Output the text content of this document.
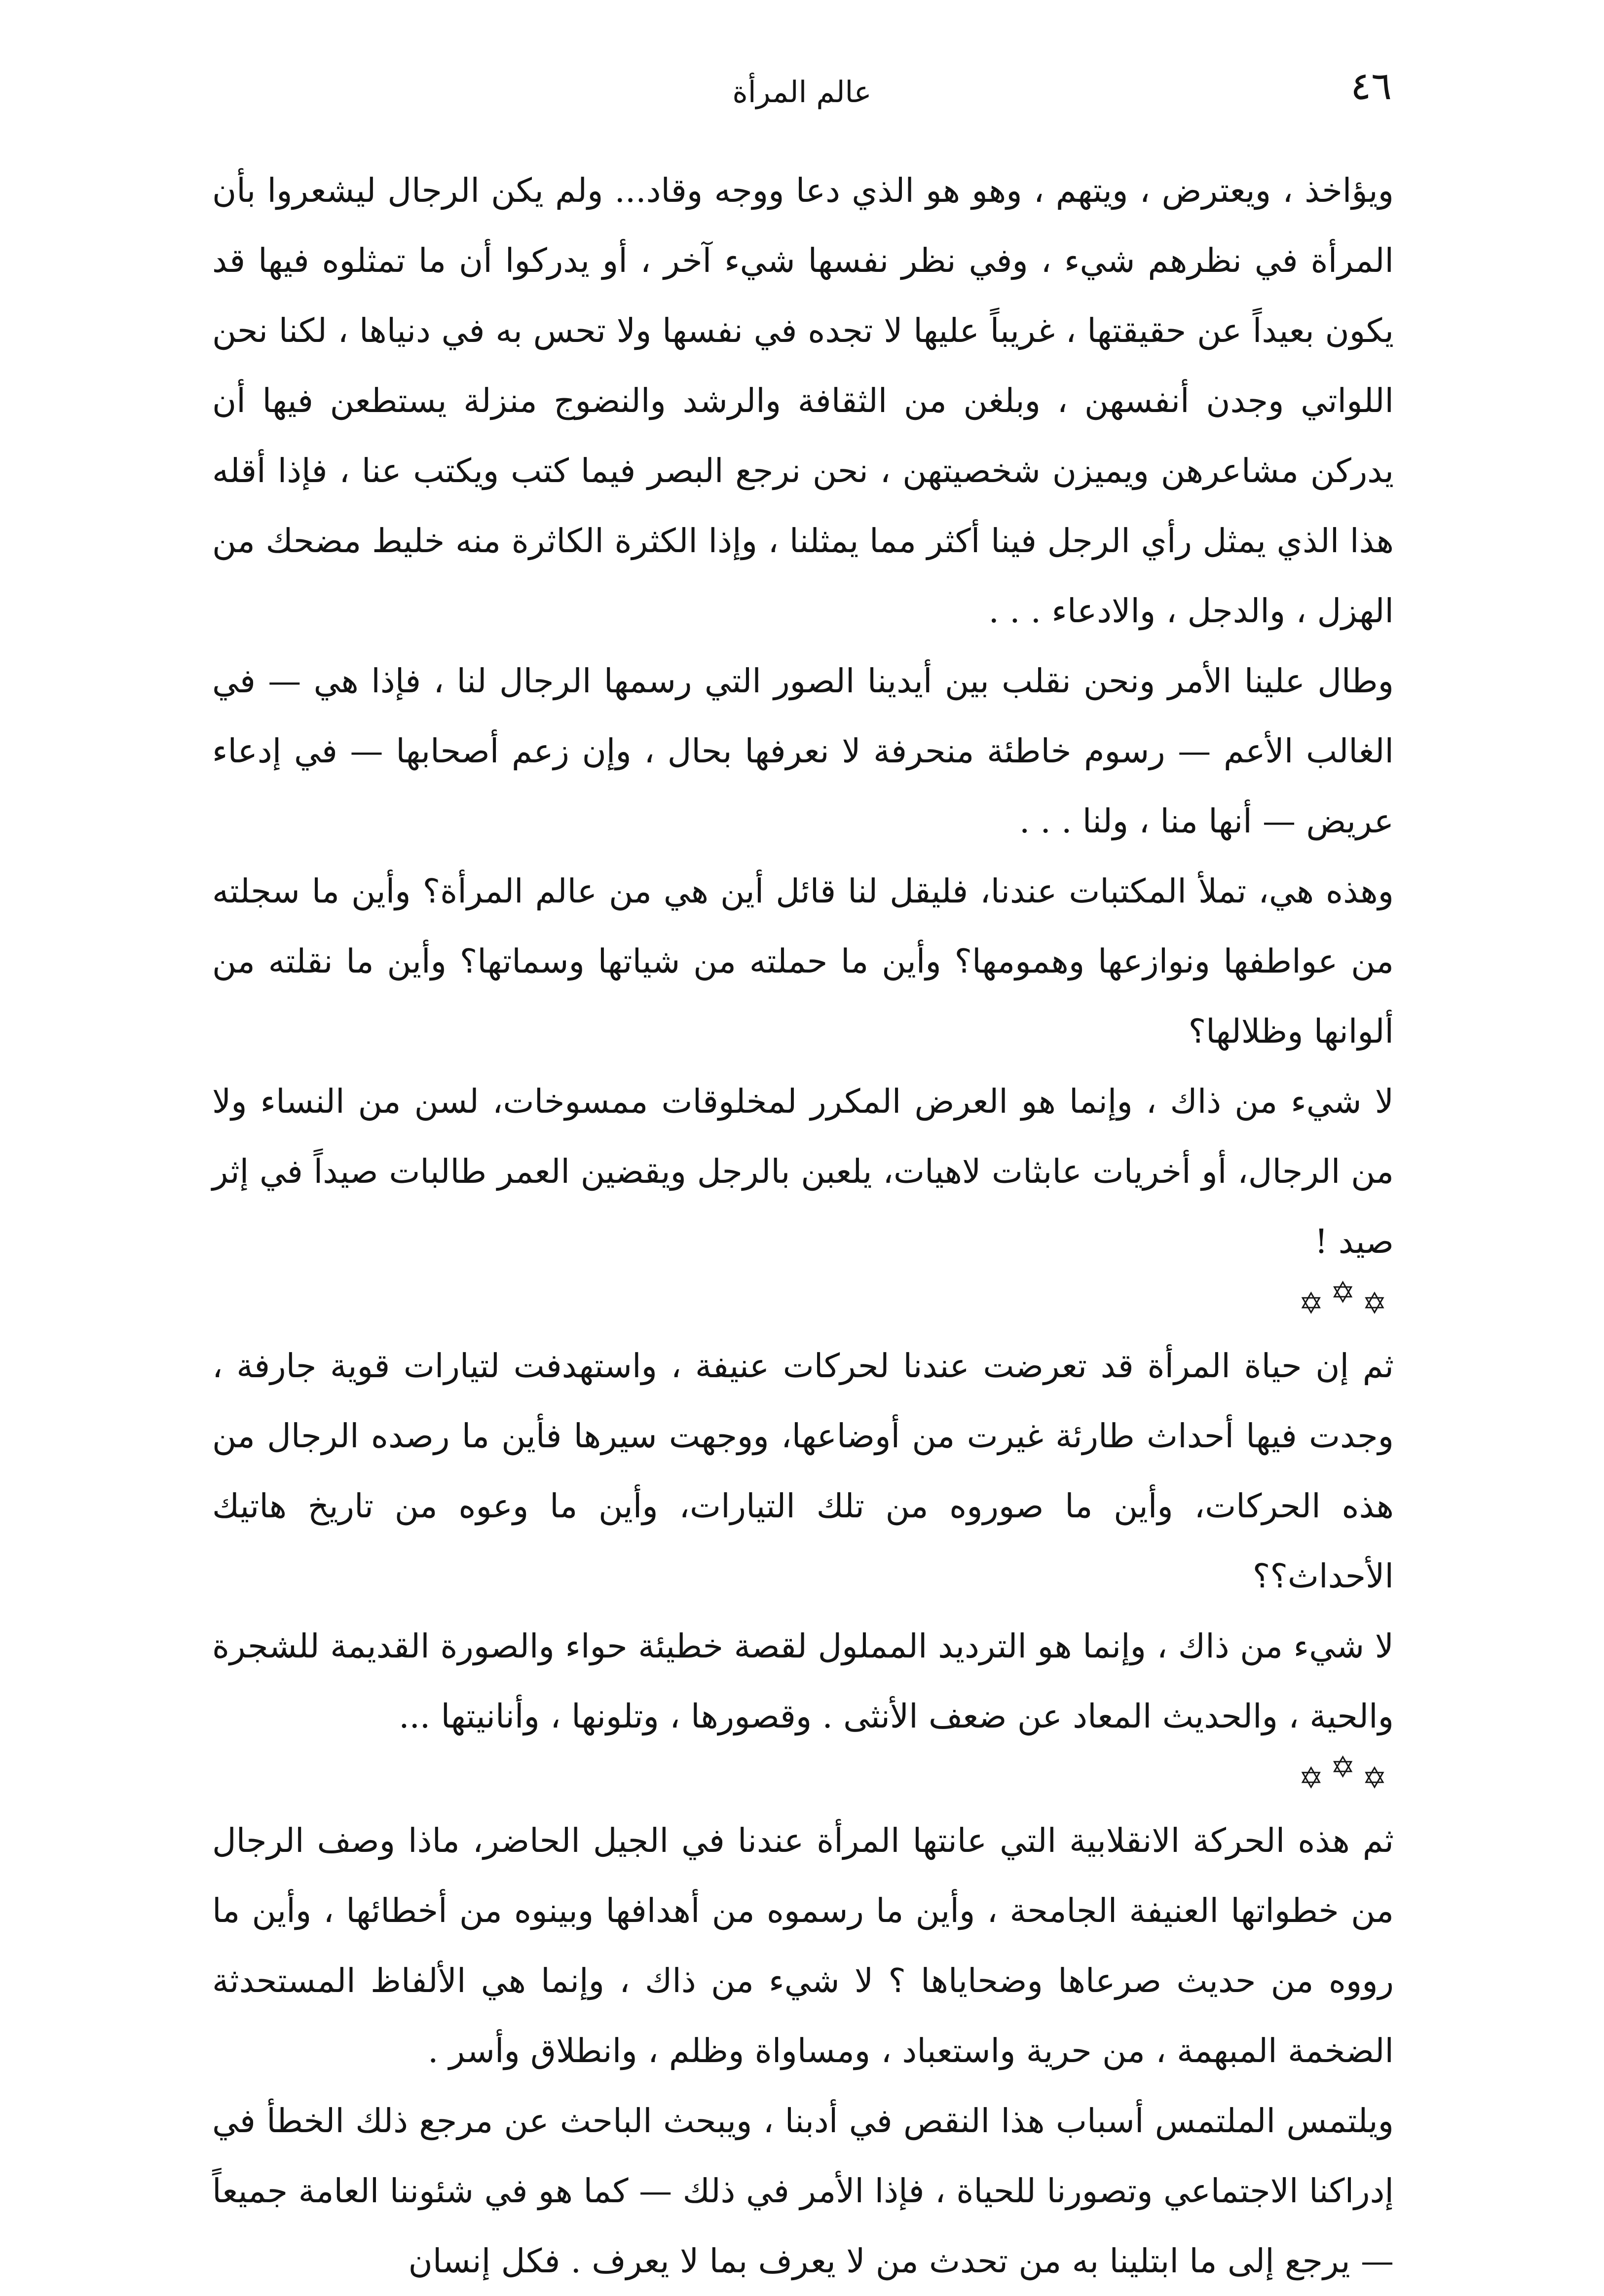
٤٦
عالم المرأة

ويؤاخذ ، ويعترض ، ويتهم ، وهو هو الذي دعا ووجه وقاد... ولم يكن الرجال ليشعروا بأن المرأة في نظرهم شيء ، وفي نظر نفسها شيء آخر ، أو يدركوا أن ما تمثلوه فيها قد يكون بعيداً عن حقيقتها ، غريباً عليها لا تجده في نفسها ولا تحس به في دنياها ، لكنا نحن اللواتي وجدن أنفسهن ، وبلغن من الثقافة والرشد والنضوج منزلة يستطعن فيها أن يدركن مشاعرهن ويميزن شخصيتهن ، نحن نرجع البصر فيما كتب ويكتب عنا ، فإذا أقله هذا الذي يمثل رأي الرجل فينا أكثر مما يمثلنا ، وإذا الكثرة الكاثرة منه خليط مضحك من الهزل ، والدجل ، والادعاء . . .

وطال علينا الأمر ونحن نقلب بين أيدينا الصور التي رسمها الرجال لنا ، فإذا هي — في الغالب الأعم — رسوم خاطئة منحرفة لا نعرفها بحال ، وإن زعم أصحابها — في إدعاء عريض — أنها منا ، ولنا . . .

وهذه هي، تملأ المكتبات عندنا، فليقل لنا قائل أين هي من عالم المرأة؟ وأين ما سجلته من عواطفها ونوازعها وهمومها؟ وأين ما حملته من شياتها وسماتها؟ وأين ما نقلته من ألوانها وظلالها؟

لا شيء من ذاك ، وإنما هو العرض المكرر لمخلوقات ممسوخات، لسن من النساء ولا من الرجال، أو أخريات عابثات لاهيات، يلعبن بالرجل ويقضين العمر طالبات صيداً في إثر صيد !

✡✡✡

ثم إن حياة المرأة قد تعرضت عندنا لحركات عنيفة ، واستهدفت لتيارات قوية جارفة ، وجدت فيها أحداث طارئة غيرت من أوضاعها، ووجهت سيرها فأين ما رصده الرجال من هذه الحركات، وأين ما صوروه من تلك التيارات، وأين ما وعوه من تاريخ هاتيك الأحداث؟؟

لا شيء من ذاك ، وإنما هو الترديد المملول لقصة خطيئة حواء والصورة القديمة للشجرة والحية ، والحديث المعاد عن ضعف الأنثى . وقصورها ، وتلونها ، وأنانيتها ...

✡✡✡

ثم هذه الحركة الانقلابية التي عانتها المرأة عندنا في الجيل الحاضر، ماذا وصف الرجال من خطواتها العنيفة الجامحة ، وأين ما رسموه من أهدافها وبينوه من أخطائها ، وأين ما رووه من حديث صرعاها وضحاياها ؟ لا شيء من ذاك ، وإنما هي الألفاظ المستحدثة الضخمة المبهمة ، من حرية واستعباد ، ومساواة وظلم ، وانطلاق وأسر .

ويلتمس الملتمس أسباب هذا النقص في أدبنا ، ويبحث الباحث عن مرجع ذلك الخطأ في إدراكنا الاجتماعي وتصورنا للحياة ، فإذا الأمر في ذلك — كما هو في شئوننا العامة جميعاً — يرجع إلى ما ابتلينا به من تحدث من لا يعرف بما لا يعرف . فكل إنسان
